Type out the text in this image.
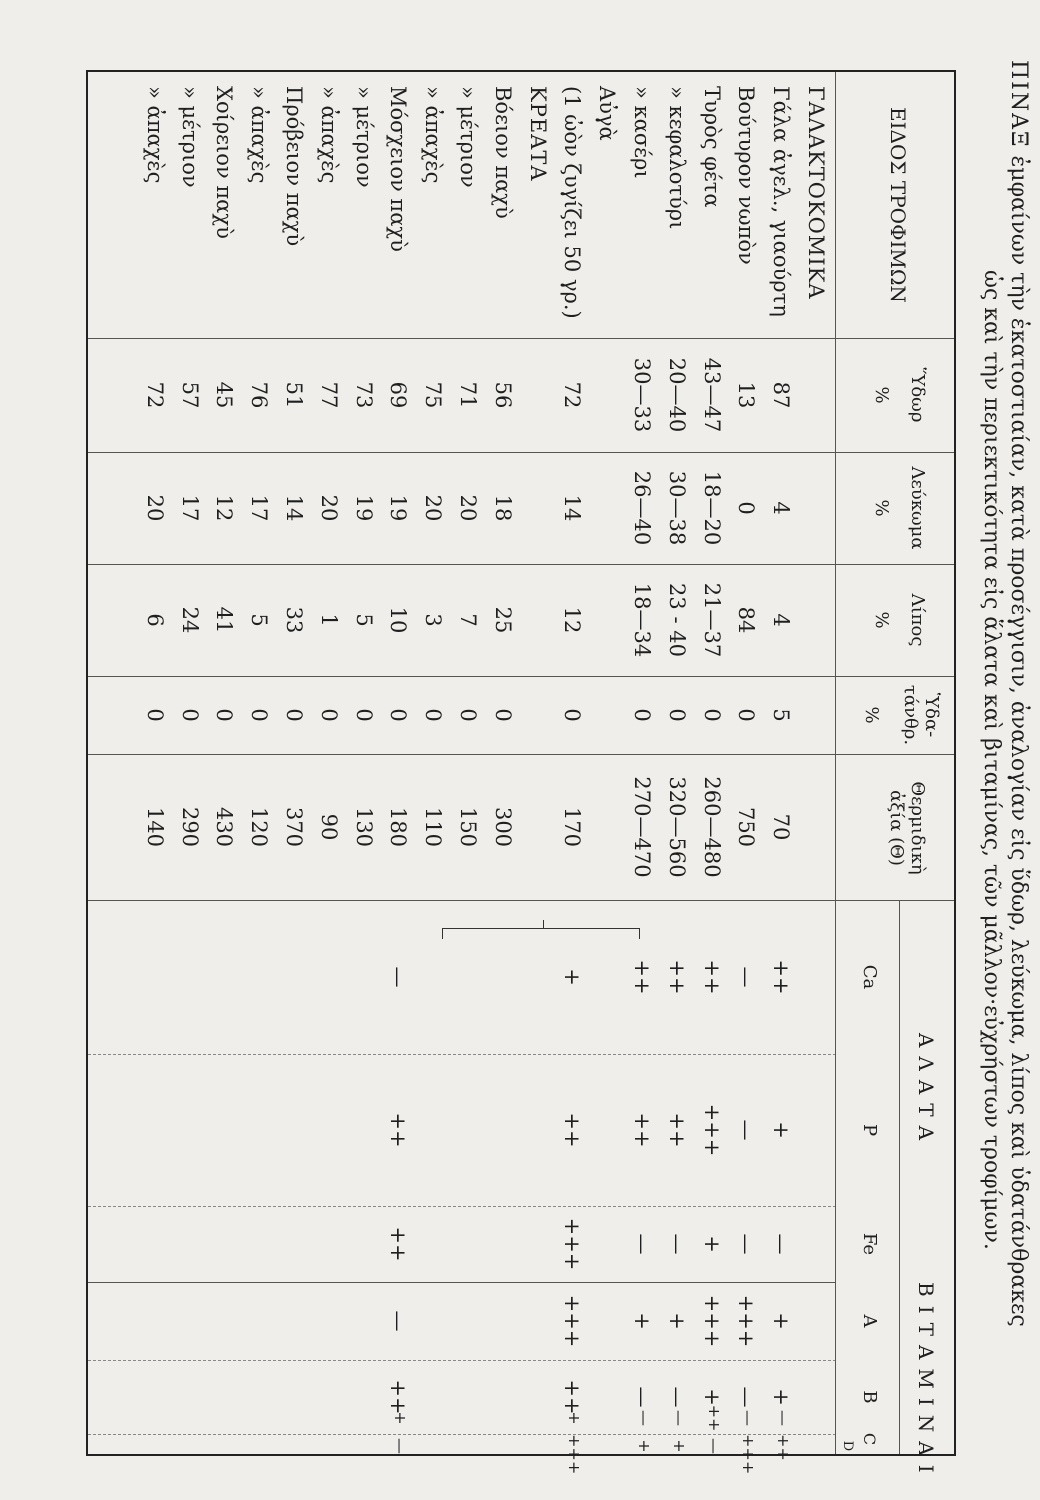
ΠΙΝΑΞ ἐμφαίνων τὴν ἑκατοστιαίαν, κατὰ προσέγγισιν, ἀναλογίαν εἰς ὕδωρ, λεύκωμα, λίπος καὶ ὑδατάνθρακες
ὡς καὶ τὴν περιεκτικότητα εἰς ἅλατα καὶ βιταμίνας, τῶν μᾶλλον·εὐχρήστων τροφίμων.
ΕΙΔΟΣ ΤΡΟΦΙΜΩΝ
Ὕδωρ
%
Λεύκωμα
%
Λίπος
%
Ὑδα-τάνθρ.
%
Θερμιδικὴ ἀξία (Θ)
ΑΛΑΤΑ
ΒΙΤΑΜΙΝΑΙ
Ca
P
Fe
A
B
C
D
ΓΑΛΑΚΤΟΚΟΜΙΚΑ
Γάλα ἀγελ., γιαούρτη
87
4
4
5
70
++
+
—
+
+
—
++
Βούτυρον νωπὸν
13
0
84
0
750
—
—
—
+++
—
—
+++
Τυρὸς φέτα
43—47
18—20
21—37
0
260—480
++
+++
+
+++
+
++
—
» κεφαλοτύρι
20—40
30—38
23 - 40
0
320—560
++
++
—
+
—
—
+
» κασέρι
30—33
26—40
18—34
0
270—470
++
++
—
+
—
—
+
Αὐγὰ
(1 ὠὸν ζυγίζει 50 γρ.)
72
14
12
0
170
+
++
+++
+++
++
+
+++
ΚΡΕΑΤΑ
Βόειον παχὺ
56
18
25
0
300
» μέτριον
71
20
7
0
150
» ἀπαχὲς
75
20
3
0
110
Μόσχειον παχὺ
69
19
10
0
180
—
++
++
—
++
+
—
» μέτριον
73
19
5
0
130
» ἀπαχὲς
77
20
1
0
90
Πρόβειον παχὺ
51
14
33
0
370
» ἀπαχὲς
76
17
5
0
120
Χοίρειον παχὺ
45
12
41
0
430
» μέτριον
57
17
24
0
290
» ἀπαχὲς
72
20
6
0
140
